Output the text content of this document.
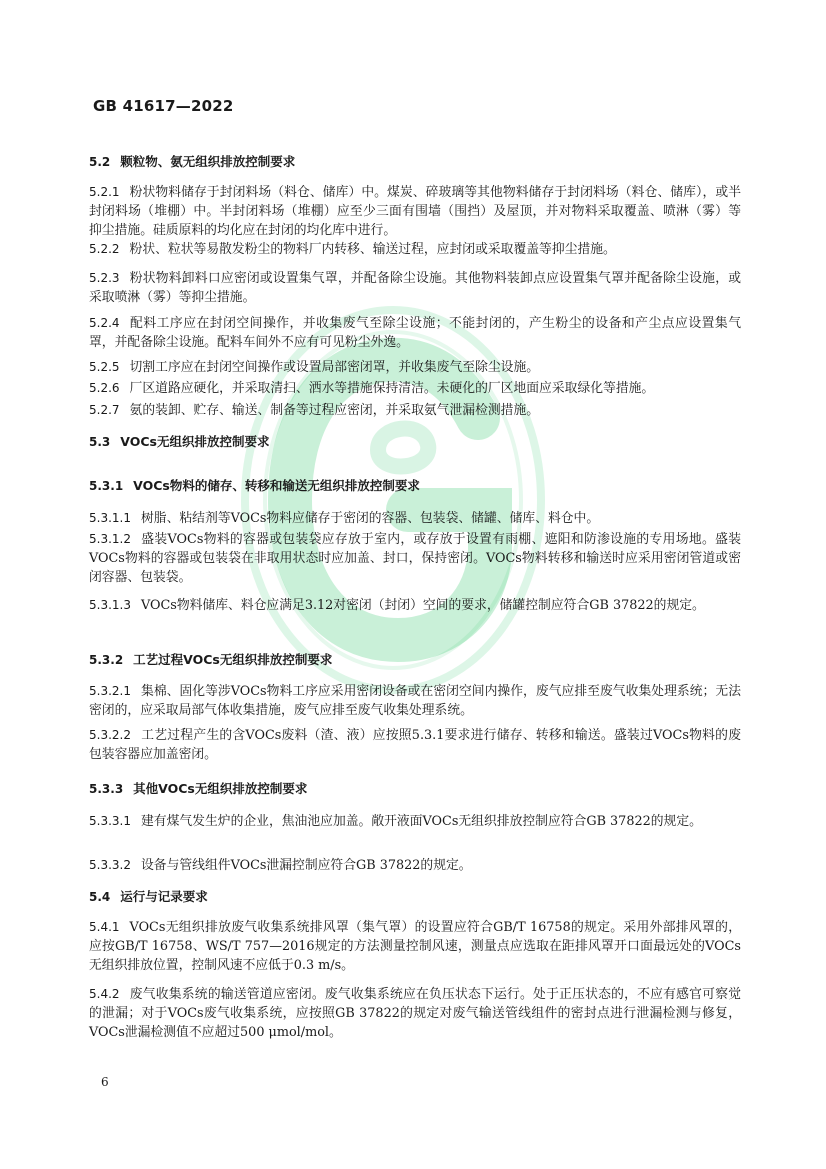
GB 41617—2022
5.2 颗粒物、氨无组织排放控制要求
5.2.1 粉状物料储存于封闭料场（料仓、储库）中。煤炭、碎玻璃等其他物料储存于封闭料场（料仓、储库），或半封闭料场（堆棚）中。半封闭料场（堆棚）应至少三面有围墙（围挡）及屋顶，并对物料采取覆盖、喷淋（雾）等抑尘措施。硅质原料的均化应在封闭的均化库中进行。
5.2.2 粉状、粒状等易散发粉尘的物料厂内转移、输送过程，应封闭或采取覆盖等抑尘措施。
5.2.3 粉状物料卸料口应密闭或设置集气罩，并配备除尘设施。其他物料装卸点应设置集气罩并配备除尘设施，或采取喷淋（雾）等抑尘措施。
5.2.4 配料工序应在封闭空间操作，并收集废气至除尘设施；不能封闭的，产生粉尘的设备和产尘点应设置集气罩，并配备除尘设施。配料车间外不应有可见粉尘外逸。
5.2.5 切割工序应在封闭空间操作或设置局部密闭罩，并收集废气至除尘设施。
5.2.6 厂区道路应硬化，并采取清扫、洒水等措施保持清洁。未硬化的厂区地面应采取绿化等措施。
5.2.7 氨的装卸、贮存、输送、制备等过程应密闭，并采取氨气泄漏检测措施。
5.3 VOCs无组织排放控制要求
5.3.1 VOCs物料的储存、转移和输送无组织排放控制要求
5.3.1.1 树脂、粘结剂等VOCs物料应储存于密闭的容器、包装袋、储罐、储库、料仓中。
5.3.1.2 盛装VOCs物料的容器或包装袋应存放于室内，或存放于设置有雨棚、遮阳和防渗设施的专用场地。盛装VOCs物料的容器或包装袋在非取用状态时应加盖、封口，保持密闭。VOCs物料转移和输送时应采用密闭管道或密闭容器、包装袋。
5.3.1.3 VOCs物料储库、料仓应满足3.12对密闭（封闭）空间的要求，储罐控制应符合GB 37822的规定。
5.3.2 工艺过程VOCs无组织排放控制要求
5.3.2.1 集棉、固化等涉VOCs物料工序应采用密闭设备或在密闭空间内操作，废气应排至废气收集处理系统；无法密闭的，应采取局部气体收集措施，废气应排至废气收集处理系统。
5.3.2.2 工艺过程产生的含VOCs废料（渣、液）应按照5.3.1要求进行储存、转移和输送。盛装过VOCs物料的废包装容器应加盖密闭。
5.3.3 其他VOCs无组织排放控制要求
5.3.3.1 建有煤气发生炉的企业，焦油池应加盖。敞开液面VOCs无组织排放控制应符合GB 37822的规定。
5.3.3.2 设备与管线组件VOCs泄漏控制应符合GB 37822的规定。
5.4 运行与记录要求
5.4.1 VOCs无组织排放废气收集系统排风罩（集气罩）的设置应符合GB/T 16758的规定。采用外部排风罩的，应按GB/T 16758、WS/T 757—2016规定的方法测量控制风速，测量点应选取在距排风罩开口面最远处的VOCs无组织排放位置，控制风速不应低于0.3 m/s。
5.4.2 废气收集系统的输送管道应密闭。废气收集系统应在负压状态下运行。处于正压状态的，不应有感官可察觉的泄漏；对于VOCs废气收集系统，应按照GB 37822的规定对废气输送管线组件的密封点进行泄漏检测与修复，VOCs泄漏检测值不应超过500 μmol/mol。
6
